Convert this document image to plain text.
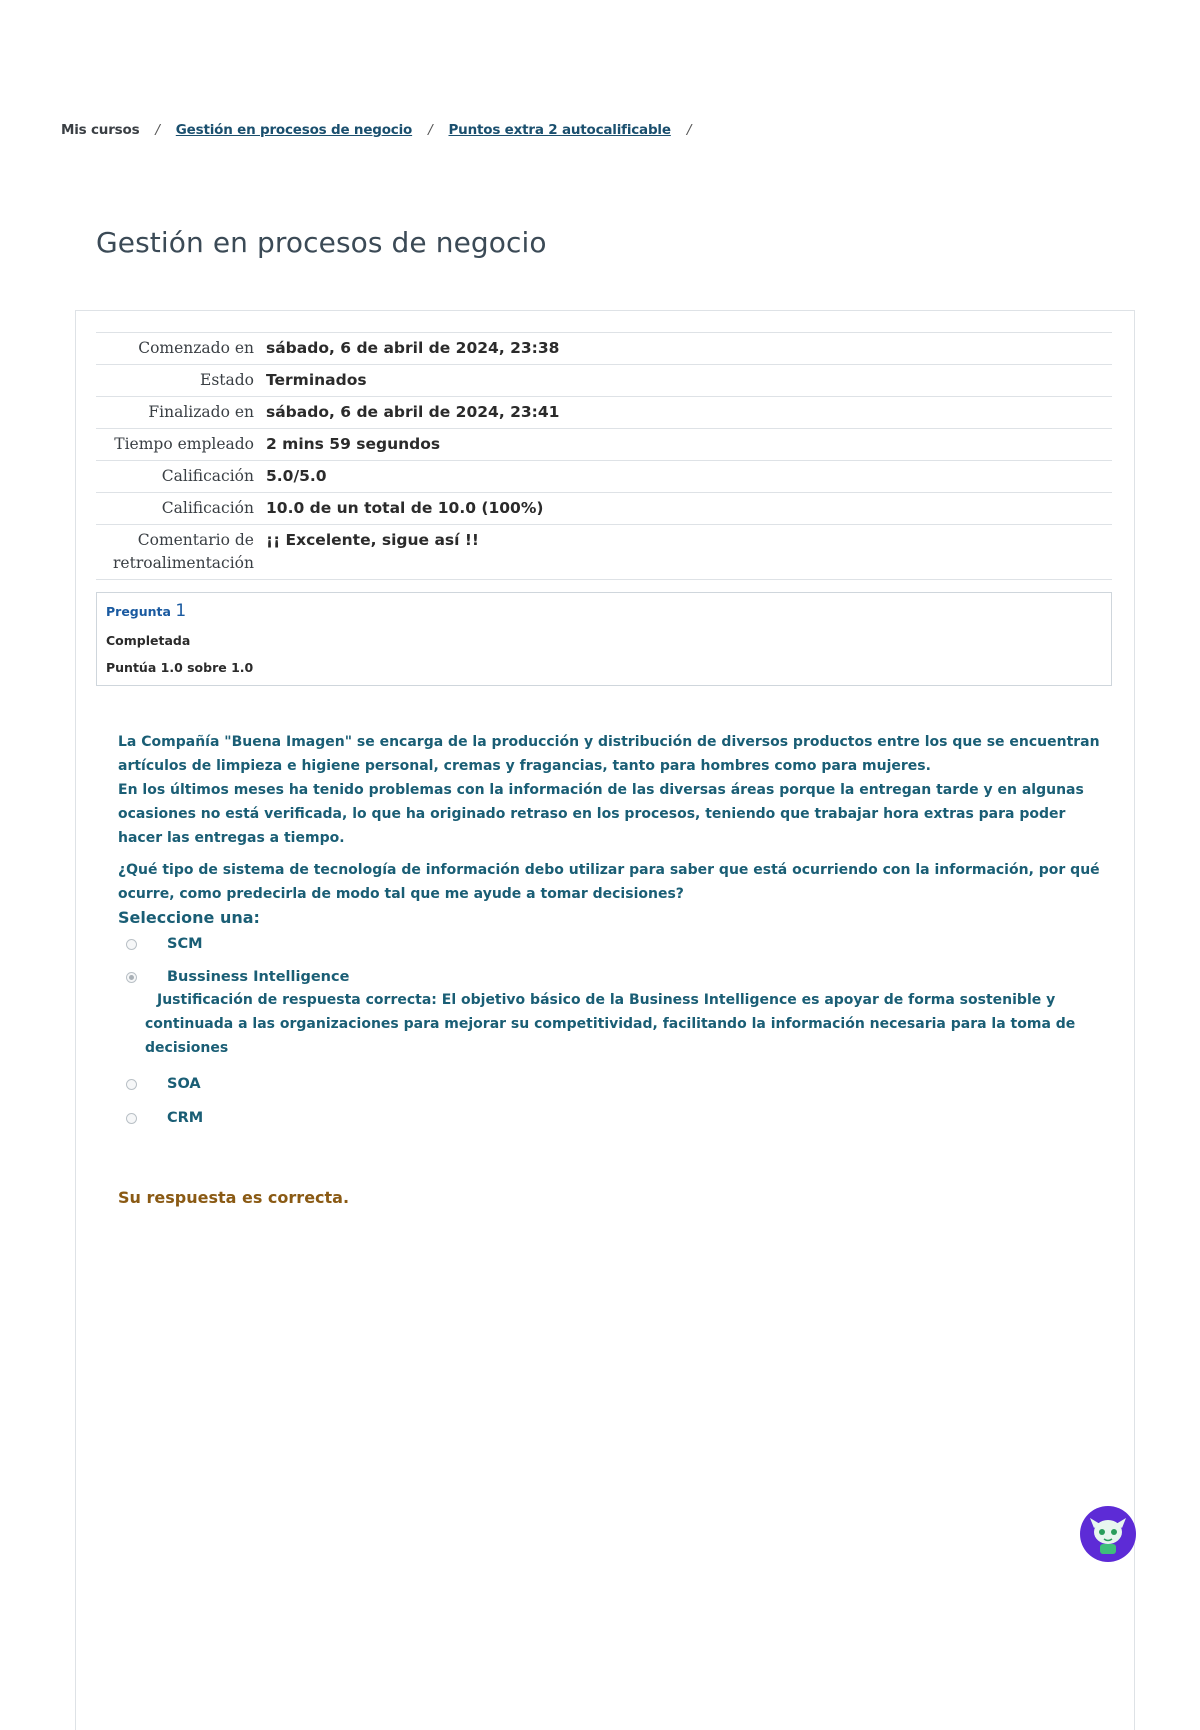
Mis cursos / Gestión en procesos de negocio / Puntos extra 2 autocalificable /
Gestión en procesos de negocio
Comenzado en	sábado, 6 de abril de 2024, 23:38
Estado	Terminados
Finalizado en	sábado, 6 de abril de 2024, 23:41
Tiempo empleado	2 mins 59 segundos
Calificación	5.0/5.0
Calificación	10.0 de un total de 10.0 (100%)
Comentario de retroalimentación	¡¡ Excelente, sigue así !!
Pregunta 1
Completada
Puntúa 1.0 sobre 1.0

La Compañía "Buena Imagen" se encarga de la producción y distribución de diversos productos entre los que se encuentran artículos de limpieza e higiene personal, cremas y fragancias, tanto para hombres como para mujeres.

En los últimos meses ha tenido problemas con la información de las diversas áreas porque la entregan tarde y en algunas ocasiones no está verificada, lo que ha originado retraso en los procesos, teniendo que trabajar hora extras para poder hacer las entregas a tiempo.

¿Qué tipo de sistema de tecnología de información debo utilizar para saber que está ocurriendo con la información, por qué ocurre, como predecirla de modo tal que me ayude a tomar decisiones?

Seleccione una:
SCM
Bussiness Intelligence
Justificación de respuesta correcta: El objetivo básico de la Business Intelligence es apoyar de forma sostenible y continuada a las organizaciones para mejorar su competitividad, facilitando la información necesaria para la toma de decisiones
SOA
CRM
Su respuesta es correcta.
